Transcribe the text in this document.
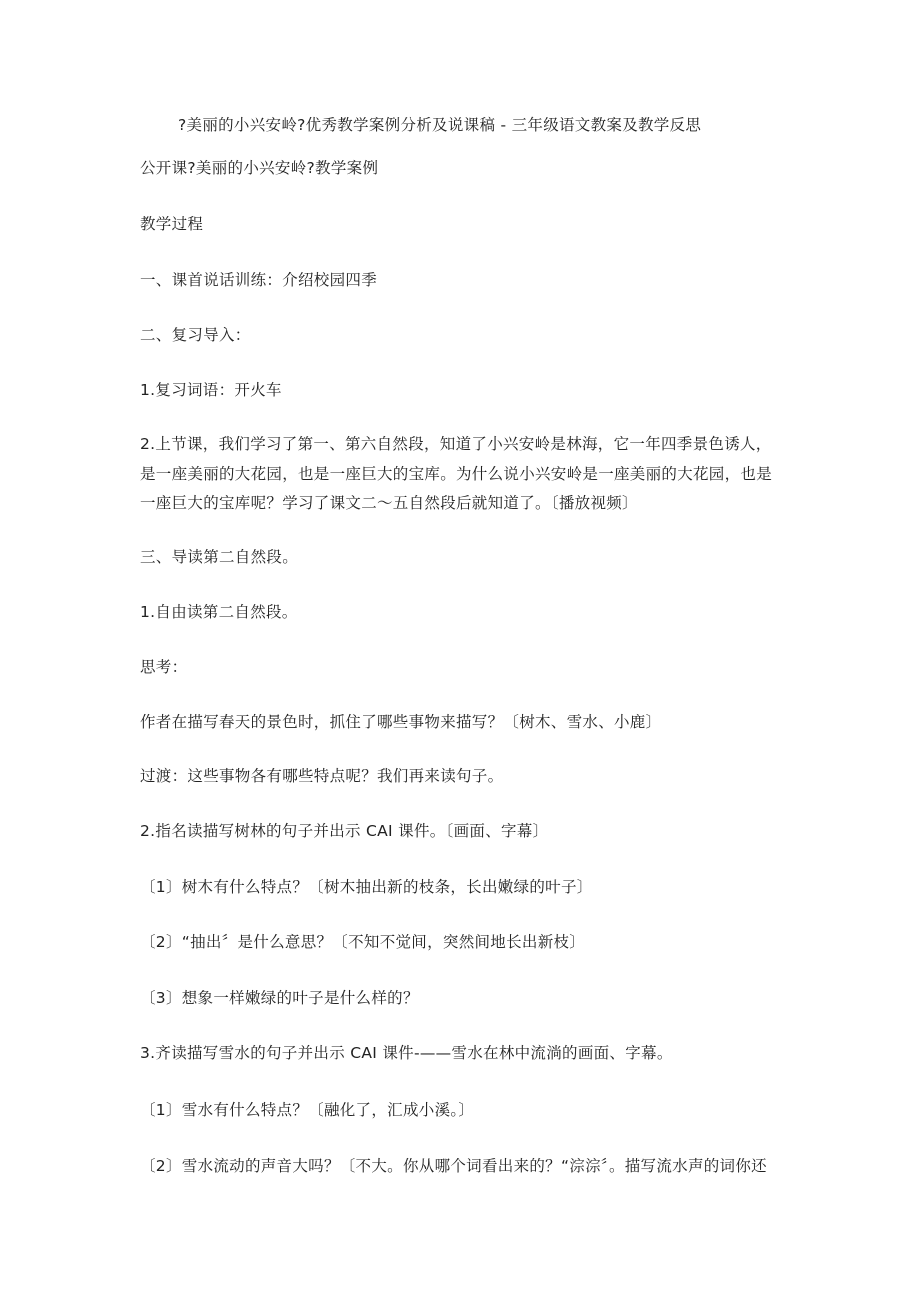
?美丽的小兴安岭?优秀教学案例分析及说课稿 - 三年级语文教案及教学反思
公开课?美丽的小兴安岭?教学案例
教学过程
一、课首说话训练：介绍校园四季
二、复习导入：
1.复习词语：开火车
2.上节课，我们学习了第一、第六自然段，知道了小兴安岭是林海，它一年四季景色诱人，
是一座美丽的大花园，也是一座巨大的宝库。为什么说小兴安岭是一座美丽的大花园，也是
一座巨大的宝库呢？学习了课文二～五自然段后就知道了。〔播放视频〕
三、导读第二自然段。
1.自由读第二自然段。
思考：
作者在描写春天的景色时，抓住了哪些事物来描写？〔树木、雪水、小鹿〕
过渡：这些事物各有哪些特点呢？我们再来读句子。
2.指名读描写树林的句子并出示 CAI 课件。〔画面、字幕〕
〔1〕树木有什么特点？〔树木抽出新的枝条，长出嫩绿的叶子〕
〔2〕“抽出〞是什么意思？〔不知不觉间，突然间地长出新枝〕
〔3〕想象一样嫩绿的叶子是什么样的？
3.齐读描写雪水的句子并出示 CAI 课件-——雪水在林中流淌的画面、字幕。
〔1〕雪水有什么特点？〔融化了，汇成小溪。〕
〔2〕雪水流动的声音大吗？〔不大。你从哪个词看出来的？“淙淙〞。描写流水声的词你还
